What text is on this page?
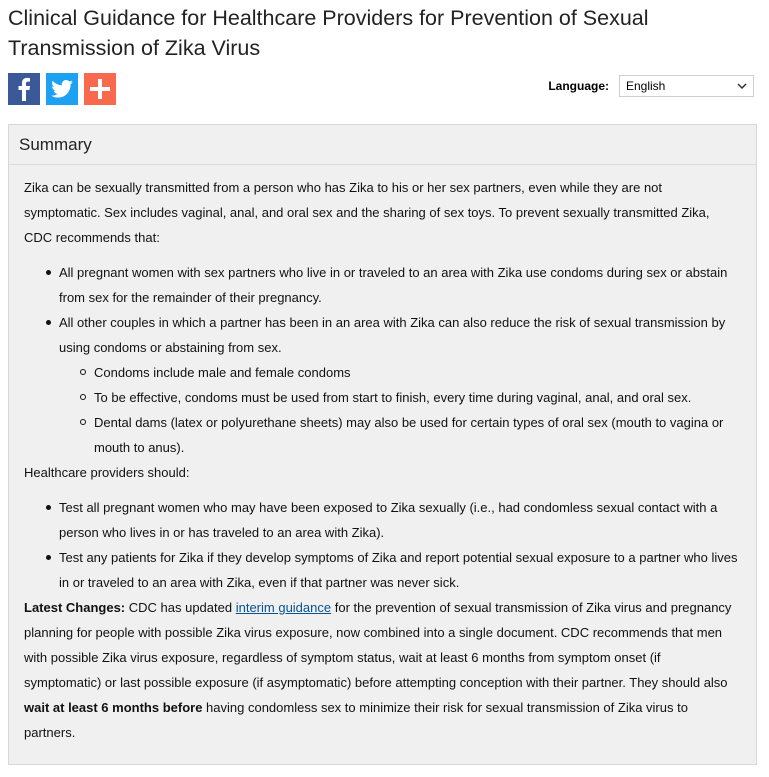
Clinical Guidance for Healthcare Providers for Prevention of Sexual Transmission of Zika Virus
Language: English
Summary

Zika can be sexually transmitted from a person who has Zika to his or her sex partners, even while they are not symptomatic. Sex includes vaginal, anal, and oral sex and the sharing of sex toys. To prevent sexually transmitted Zika, CDC recommends that:

All pregnant women with sex partners who live in or traveled to an area with Zika use condoms during sex or abstain from sex for the remainder of their pregnancy.
All other couples in which a partner has been in an area with Zika can also reduce the risk of sexual transmission by using condoms or abstaining from sex.
Condoms include male and female condoms
To be effective, condoms must be used from start to finish, every time during vaginal, anal, and oral sex.
Dental dams (latex or polyurethane sheets) may also be used for certain types of oral sex (mouth to vagina or mouth to anus).

Healthcare providers should:

Test all pregnant women who may have been exposed to Zika sexually (i.e., had condomless sexual contact with a person who lives in or has traveled to an area with Zika).
Test any patients for Zika if they develop symptoms of Zika and report potential sexual exposure to a partner who lives in or traveled to an area with Zika, even if that partner was never sick.

Latest Changes: CDC has updated interim guidance for the prevention of sexual transmission of Zika virus and pregnancy planning for people with possible Zika virus exposure, now combined into a single document. CDC recommends that men with possible Zika virus exposure, regardless of symptom status, wait at least 6 months from symptom onset (if symptomatic) or last possible exposure (if asymptomatic) before attempting conception with their partner. They should also wait at least 6 months before having condomless sex to minimize their risk for sexual transmission of Zika virus to partners.
